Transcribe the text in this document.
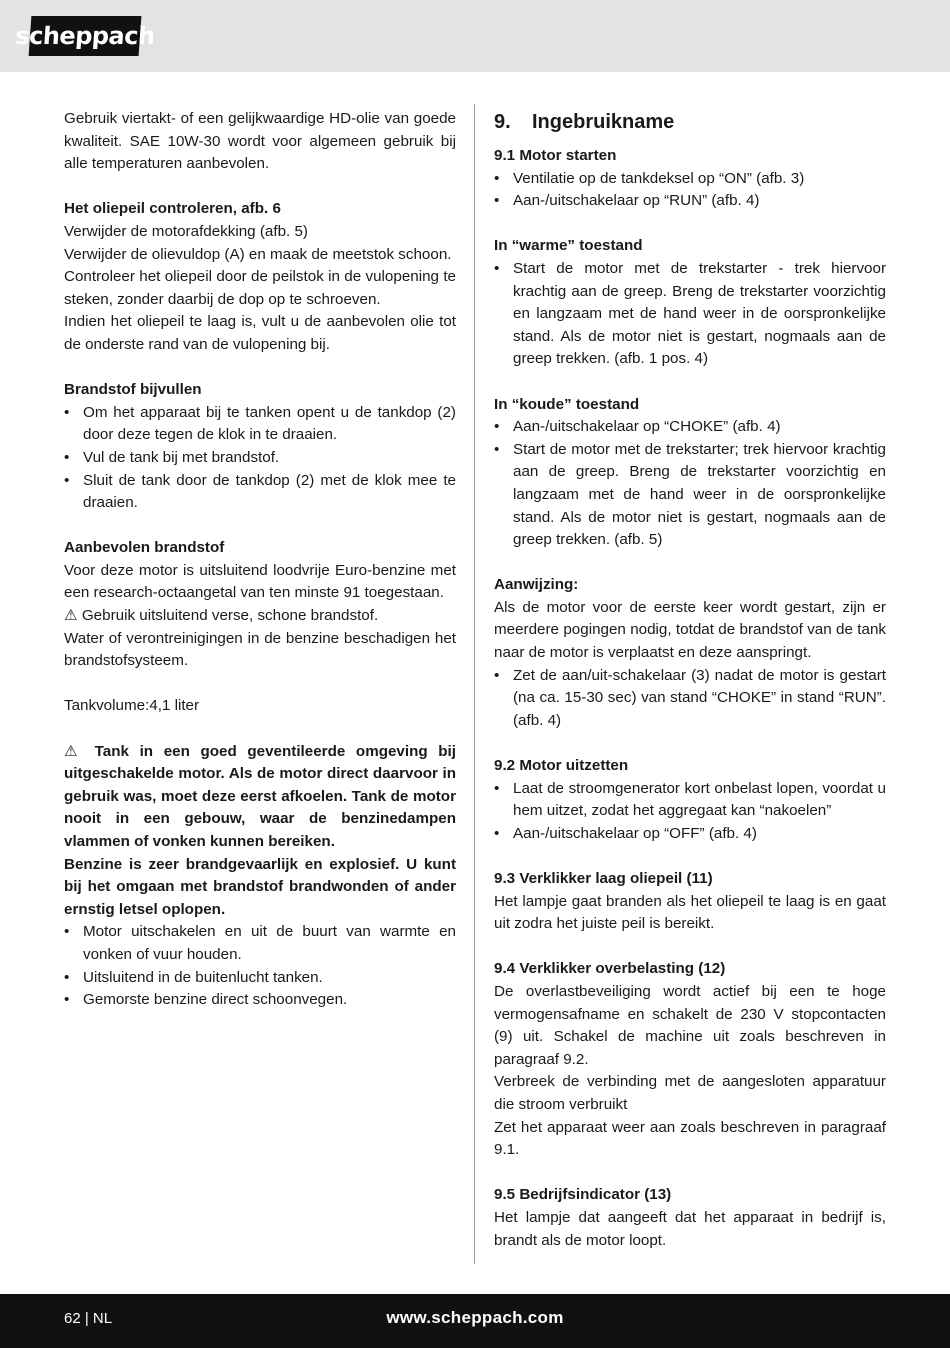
scheppach

Gebruik viertakt- of een gelijkwaardige HD-olie van goede kwaliteit. SAE 10W-30 wordt voor algemeen gebruik bij alle temperaturen aanbevolen.

Het oliepeil controleren, afb. 6

Verwijder de motorafdekking (afb. 5)

Verwijder de olievuldop (A) en maak de meetstok schoon.

Controleer het oliepeil door de peilstok in de vulopening te steken, zonder daarbij de dop op te schroeven.

Indien het oliepeil te laag is, vult u de aanbevolen olie tot de onderste rand van de vulopening bij.

Brandstof bijvullen

• Om het apparaat bij te tanken opent u de tankdop (2) door deze tegen de klok in te draaien.
• Vul de tank bij met brandstof.
• Sluit de tank door de tankdop (2) met de klok mee te draaien.

Aanbevolen brandstof

Voor deze motor is uitsluitend loodvrije Euro-benzine met een research-octaangetal van ten minste 91 toegestaan.

⚠ Gebruik uitsluitend verse, schone brandstof.

Water of verontreinigingen in de benzine beschadigen het brandstofsysteem.

Tankvolume:4,1 liter

⚠ Tank in een goed geventileerde omgeving bij uitgeschakelde motor. Als de motor direct daarvoor in gebruik was, moet deze eerst afkoelen. Tank de motor nooit in een gebouw, waar de benzinedampen vlammen of vonken kunnen bereiken.

Benzine is zeer brandgevaarlijk en explosief. U kunt bij het omgaan met brandstof brandwonden of ander ernstig letsel oplopen.

• Motor uitschakelen en uit de buurt van warmte en vonken of vuur houden.
• Uitsluitend in de buitenlucht tanken.
• Gemorste benzine direct schoonvegen.
9. Ingebruikname

9.1 Motor starten

• Ventilatie op de tankdeksel op “ON” (afb. 3)
• Aan-/uitschakelaar op “RUN” (afb. 4)

In “warme” toestand

• Start de motor met de trekstarter - trek hiervoor krachtig aan de greep. Breng de trekstarter voorzichtig en langzaam met de hand weer in de oorspronkelijke stand. Als de motor niet is gestart, nogmaals aan de greep trekken. (afb. 1 pos. 4)

In “koude” toestand

• Aan-/uitschakelaar op “CHOKE” (afb. 4)
• Start de motor met de trekstarter; trek hiervoor krachtig aan de greep. Breng de trekstarter voorzichtig en langzaam met de hand weer in de oorspronkelijke stand. Als de motor niet is gestart, nogmaals aan de greep trekken. (afb. 5)

Aanwijzing:

Als de motor voor de eerste keer wordt gestart, zijn er meerdere pogingen nodig, totdat de brandstof van de tank naar de motor is verplaatst en deze aanspringt.

• Zet de aan/uit-schakelaar (3) nadat de motor is gestart (na ca. 15-30 sec) van stand “CHOKE” in stand “RUN”. (afb. 4)

9.2 Motor uitzetten

• Laat de stroomgenerator kort onbelast lopen, voordat u hem uitzet, zodat het aggregaat kan “nakoelen”
• Aan-/uitschakelaar op “OFF” (afb. 4)

9.3 Verklikker laag oliepeil (11)

Het lampje gaat branden als het oliepeil te laag is en gaat uit zodra het juiste peil is bereikt.

9.4 Verklikker overbelasting (12)

De overlastbeveiliging wordt actief bij een te hoge vermogensafname en schakelt de 230 V stopcontacten (9) uit. Schakel de machine uit zoals beschreven in paragraaf 9.2.

Verbreek de verbinding met de aangesloten apparatuur die stroom verbruikt

Zet het apparaat weer aan zoals beschreven in paragraaf 9.1.

9.5 Bedrijfsindicator (13)

Het lampje dat aangeeft dat het apparaat in bedrijf is, brandt als de motor loopt.

62 | NL	www.scheppach.com
